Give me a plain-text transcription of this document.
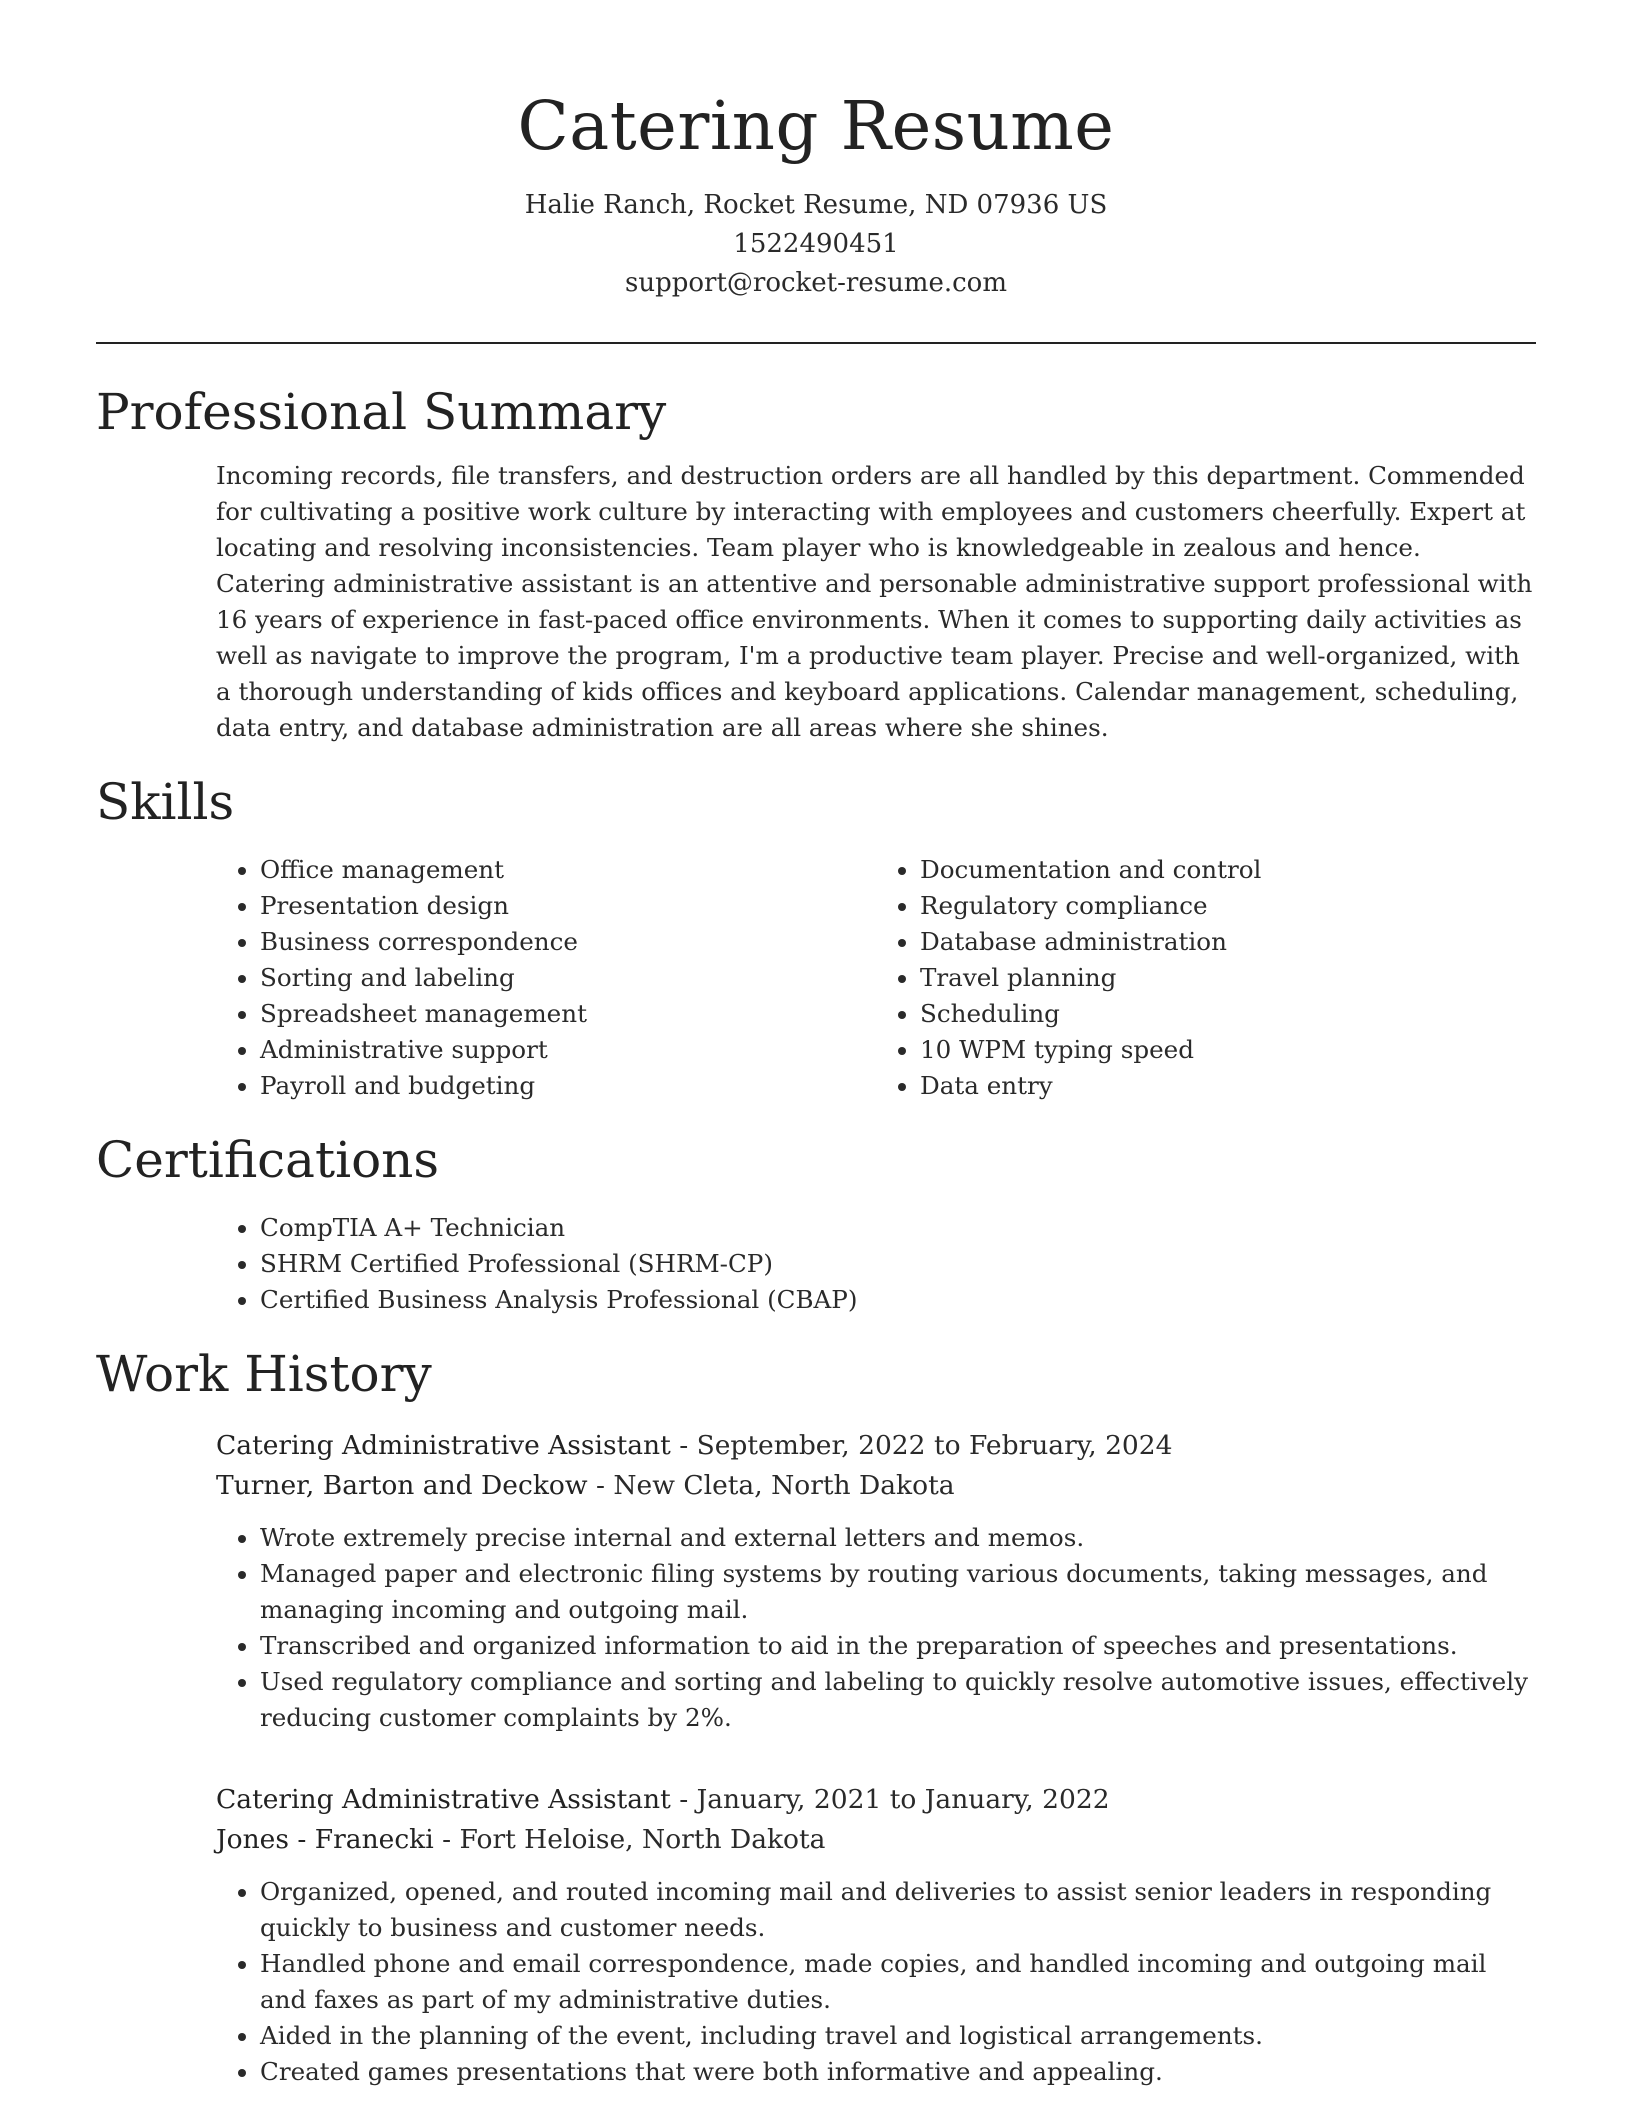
Catering Resume
Halie Ranch, Rocket Resume, ND 07936 US
1522490451
support@rocket-resume.com
Professional Summary

Incoming records, file transfers, and destruction orders are all handled by this department. Commended for cultivating a positive work culture by interacting with employees and customers cheerfully. Expert at locating and resolving inconsistencies. Team player who is knowledgeable in zealous and hence. Catering administrative assistant is an attentive and personable administrative support professional with 16 years of experience in fast-paced office environments. When it comes to supporting daily activities as well as navigate to improve the program, I'm a productive team player. Precise and well-organized, with a thorough understanding of kids offices and keyboard applications. Calendar management, scheduling, data entry, and database administration are all areas where she shines.

Skills
• Office management
• Presentation design
• Business correspondence
• Sorting and labeling
• Spreadsheet management
• Administrative support
• Payroll and budgeting
• Documentation and control
• Regulatory compliance
• Database administration
• Travel planning
• Scheduling
• 10 WPM typing speed
• Data entry
Certifications
• CompTIA A+ Technician
• SHRM Certified Professional (SHRM-CP)
• Certified Business Analysis Professional (CBAP)
Work History
Catering Administrative Assistant - September, 2022 to February, 2024
Turner, Barton and Deckow - New Cleta, North Dakota
• Wrote extremely precise internal and external letters and memos.
• Managed paper and electronic filing systems by routing various documents, taking messages, and managing incoming and outgoing mail.
• Transcribed and organized information to aid in the preparation of speeches and presentations.
• Used regulatory compliance and sorting and labeling to quickly resolve automotive issues, effectively reducing customer complaints by 2%.
Catering Administrative Assistant - January, 2021 to January, 2022
Jones - Franecki - Fort Heloise, North Dakota
• Organized, opened, and routed incoming mail and deliveries to assist senior leaders in responding quickly to business and customer needs.
• Handled phone and email correspondence, made copies, and handled incoming and outgoing mail and faxes as part of my administrative duties.
• Aided in the planning of the event, including travel and logistical arrangements.
• Created games presentations that were both informative and appealing.
